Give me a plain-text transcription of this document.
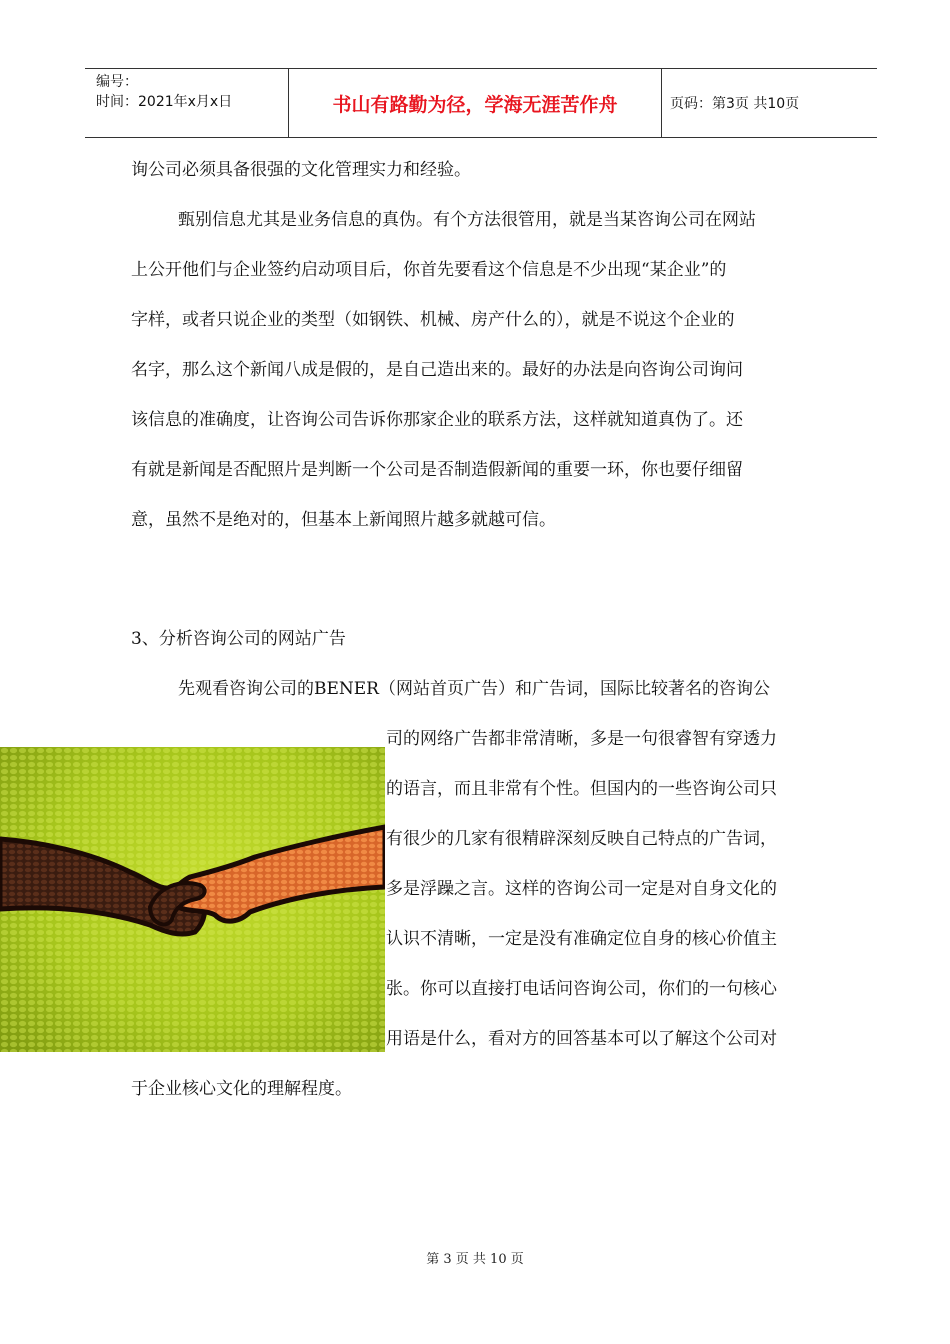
编号：
时间：2021年x月x日	书山有路勤为径，学海无涯苦作舟	页码：第3页 共10页
询公司必须具备很强的文化管理实力和经验。
甄别信息尤其是业务信息的真伪。有个方法很管用，就是当某咨询公司在网站
上公开他们与企业签约启动项目后，你首先要看这个信息是不少出现“某企业”的
字样，或者只说企业的类型（如钢铁、机械、房产什么的），就是不说这个企业的
名字，那么这个新闻八成是假的，是自己造出来的。最好的办法是向咨询公司询问
该信息的准确度，让咨询公司告诉你那家企业的联系方法，这样就知道真伪了。还
有就是新闻是否配照片是判断一个公司是否制造假新闻的重要一环，你也要仔细留
意，虽然不是绝对的，但基本上新闻照片越多就越可信。
3、分析咨询公司的网站广告
先观看咨询公司的BENER（网站首页广告）和广告词，国际比较著名的咨询公
司的网络广告都非常清晰，多是一句很睿智有穿透力
的语言，而且非常有个性。但国内的一些咨询公司只
有很少的几家有很精辟深刻反映自己特点的广告词，
多是浮躁之言。这样的咨询公司一定是对自身文化的
认识不清晰，一定是没有准确定位自身的核心价值主
张。你可以直接打电话问咨询公司，你们的一句核心
用语是什么，看对方的回答基本可以了解这个公司对
于企业核心文化的理解程度。
第 3 页 共 10 页
